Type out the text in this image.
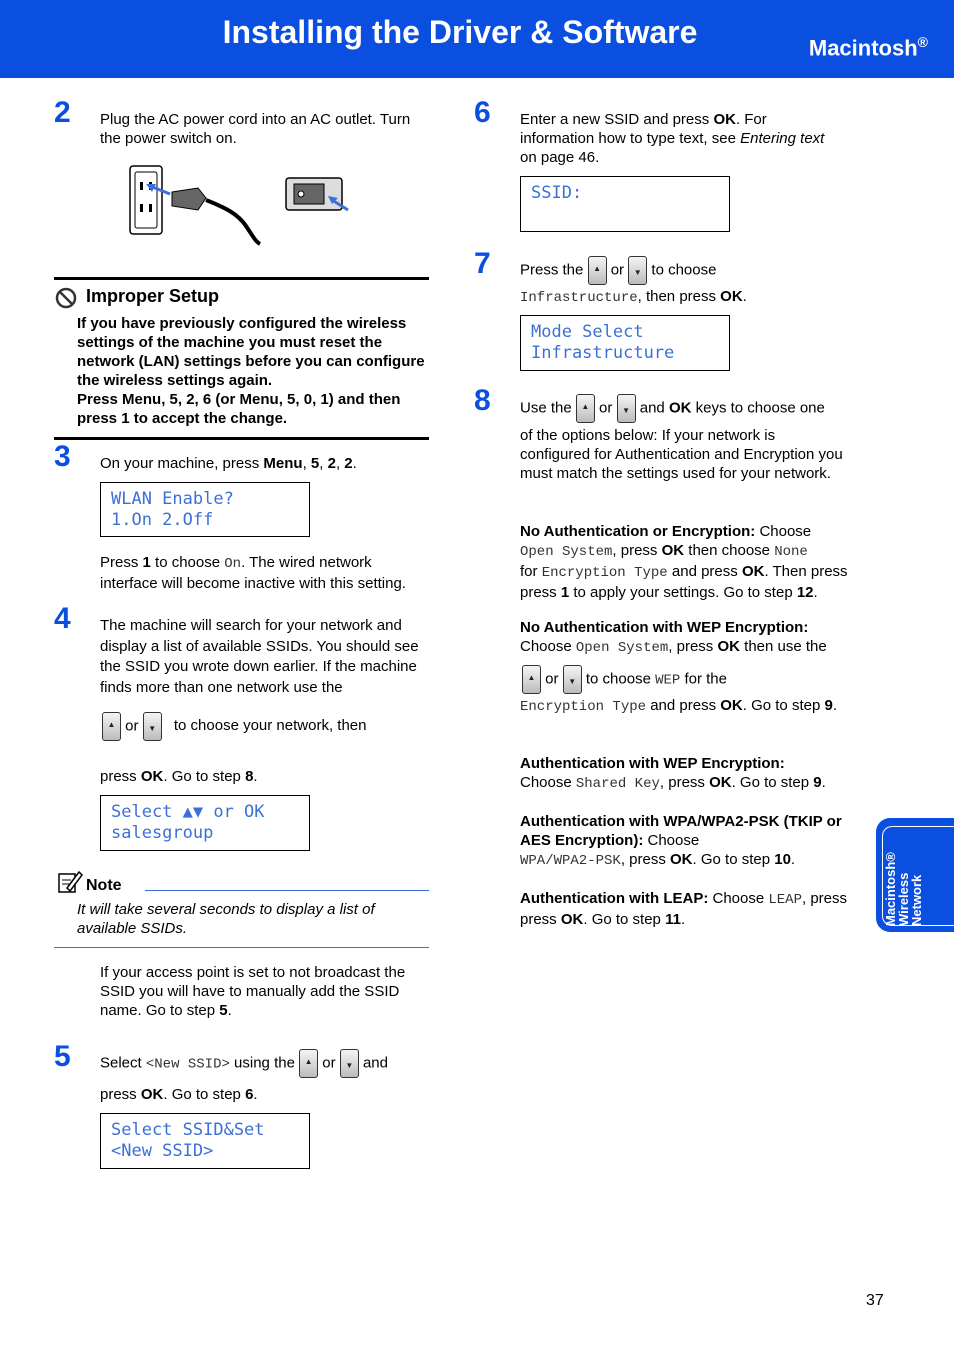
Installing the Driver & Software	Macintosh®
2 Plug the AC power cord into an AC outlet. Turn the power switch on.
Improper Setup
If you have previously configured the wireless settings of the machine you must reset the network (LAN) settings before you can configure the wireless settings again.
Press Menu, 5, 2, 6 (or Menu, 5, 0, 1) and then press 1 to accept the change.
3 On your machine, press Menu, 5, 2, 2.
WLAN Enable?
1.On 2.Off
Press 1 to choose On. The wired network interface will become inactive with this setting.
4 The machine will search for your network and display a list of available SSIDs. You should see the SSID you wrote down earlier. If the machine finds more than one network use the
▲ or	▼	to choose your network, then
press OK. Go to step 8.
Select ▲▼ or OK
salesgroup
Note
It will take several seconds to display a list of available SSIDs.
If your access point is set to not broadcast the SSID you will have to manually add the SSID name. Go to step 5.
5 Select <New SSID> using the	▲ or	▼ and
press OK. Go to step 6.
Select SSID&Set
<New SSID>
6 Enter a new SSID and press OK. For information how to type text, see Entering text on page 46.
SSID:
7 Press the	▲ or	▼ to choose
Infrastructure, then press OK.
Mode Select
Infrastructure
8 Use the	▲ or	▼ and OK keys to choose one
of the options below: If your network is configured for Authentication and Encryption you must match the settings used for your network.
No Authentication or Encryption: Choose
Open System, press OK then choose None
for Encryption Type and press OK. Then press
press 1 to apply your settings. Go to step 12.
No Authentication with WEP Encryption:
Choose Open System, press OK then use the
▲ or	▼ to choose WEP for the
Encryption Type and press OK. Go to step 9.
Authentication with WEP Encryption:
Choose Shared Key, press OK. Go to step 9.
Authentication with WPA/WPA2-PSK (TKIP or AES Encryption): Choose
WPA/WPA2-PSK, press OK. Go to step 10.
Authentication with LEAP: Choose LEAP, press
press OK. Go to step 11.	Macintosh®
Wireless
Network
37
